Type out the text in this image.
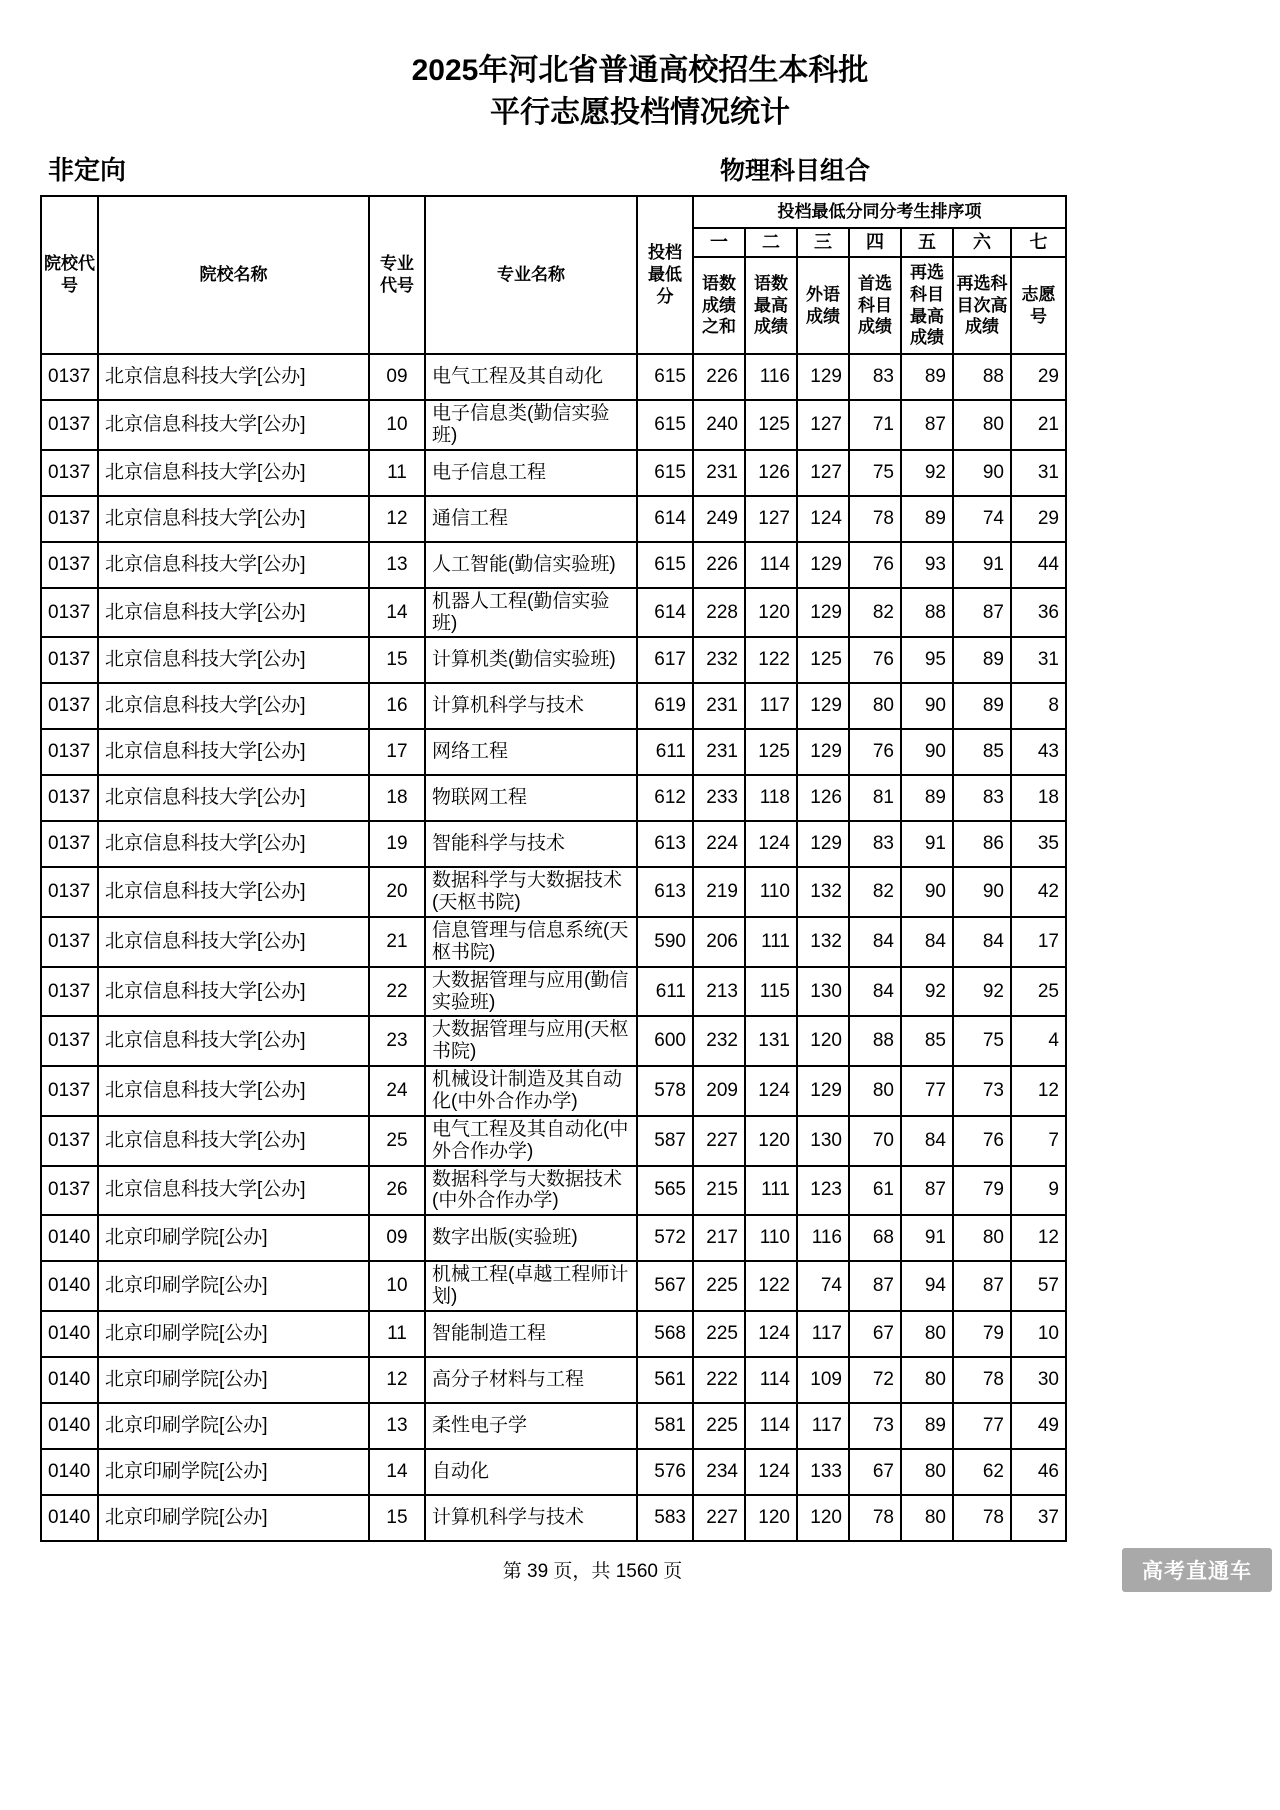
2025年河北省普通高校招生本科批
平行志愿投档情况统计
非定向	物理科目组合
院校代号	院校名称	专业代号	专业名称	投档最低分	投档最低分同分考生排序项						
					一	二	三	四	五	六	七
					语数成绩之和	语数最高成绩	外语成绩	首选科目成绩	再选科目最高成绩	再选科目次高成绩	志愿号
0137	北京信息科技大学[公办]	09	电气工程及其自动化	615	226	116	129	83	89	88	29
0137	北京信息科技大学[公办]	10	电子信息类(勤信实验班)	615	240	125	127	71	87	80	21
0137	北京信息科技大学[公办]	11	电子信息工程	615	231	126	127	75	92	90	31
0137	北京信息科技大学[公办]	12	通信工程	614	249	127	124	78	89	74	29
0137	北京信息科技大学[公办]	13	人工智能(勤信实验班)	615	226	114	129	76	93	91	44
0137	北京信息科技大学[公办]	14	机器人工程(勤信实验班)	614	228	120	129	82	88	87	36
0137	北京信息科技大学[公办]	15	计算机类(勤信实验班)	617	232	122	125	76	95	89	31
0137	北京信息科技大学[公办]	16	计算机科学与技术	619	231	117	129	80	90	89	8
0137	北京信息科技大学[公办]	17	网络工程	611	231	125	129	76	90	85	43
0137	北京信息科技大学[公办]	18	物联网工程	612	233	118	126	81	89	83	18
0137	北京信息科技大学[公办]	19	智能科学与技术	613	224	124	129	83	91	86	35
0137	北京信息科技大学[公办]	20	数据科学与大数据技术(天枢书院)	613	219	110	132	82	90	90	42
0137	北京信息科技大学[公办]	21	信息管理与信息系统(天枢书院)	590	206	111	132	84	84	84	17
0137	北京信息科技大学[公办]	22	大数据管理与应用(勤信实验班)	611	213	115	130	84	92	92	25
0137	北京信息科技大学[公办]	23	大数据管理与应用(天枢书院)	600	232	131	120	88	85	75	4
0137	北京信息科技大学[公办]	24	机械设计制造及其自动化(中外合作办学)	578	209	124	129	80	77	73	12
0137	北京信息科技大学[公办]	25	电气工程及其自动化(中外合作办学)	587	227	120	130	70	84	76	7
0137	北京信息科技大学[公办]	26	数据科学与大数据技术(中外合作办学)	565	215	111	123	61	87	79	9
0140	北京印刷学院[公办]	09	数字出版(实验班)	572	217	110	116	68	91	80	12
0140	北京印刷学院[公办]	10	机械工程(卓越工程师计划)	567	225	122	74	87	94	87	57
0140	北京印刷学院[公办]	11	智能制造工程	568	225	124	117	67	80	79	10
0140	北京印刷学院[公办]	12	高分子材料与工程	561	222	114	109	72	80	78	30
0140	北京印刷学院[公办]	13	柔性电子学	581	225	114	117	73	89	77	49
0140	北京印刷学院[公办]	14	自动化	576	234	124	133	67	80	62	46
0140	北京印刷学院[公办]	15	计算机科学与技术	583	227	120	120	78	80	78	37
第 39 页，共 1560 页	高考直通车
